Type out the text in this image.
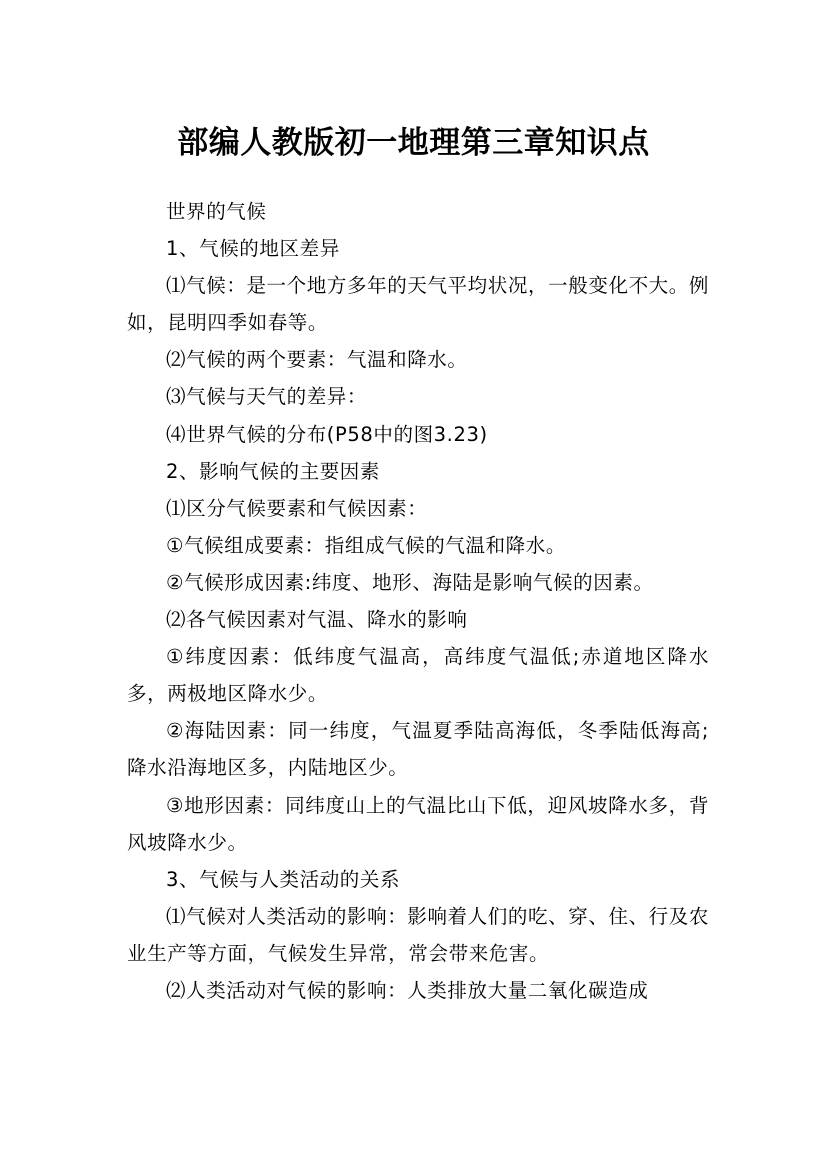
部编人教版初一地理第三章知识点

世界的气候

1、气候的地区差异

⑴气候：是一个地方多年的天气平均状况，一般变化不大。例如，昆明四季如春等。

⑵气候的两个要素：气温和降水。

⑶气候与天气的差异：

⑷世界气候的分布(P58中的图3.23)

2、影响气候的主要因素

⑴区分气候要素和气候因素：

①气候组成要素：指组成气候的气温和降水。

②气候形成因素:纬度、地形、海陆是影响气候的因素。

⑵各气候因素对气温、降水的影响

①纬度因素：低纬度气温高，高纬度气温低;赤道地区降水多，两极地区降水少。

②海陆因素：同一纬度，气温夏季陆高海低，冬季陆低海高;降水沿海地区多，内陆地区少。

③地形因素：同纬度山上的气温比山下低，迎风坡降水多，背风坡降水少。

3、气候与人类活动的关系

⑴气候对人类活动的影响：影响着人们的吃、穿、住、行及农业生产等方面，气候发生异常，常会带来危害。

⑵人类活动对气候的影响：人类排放大量二氧化碳造成
